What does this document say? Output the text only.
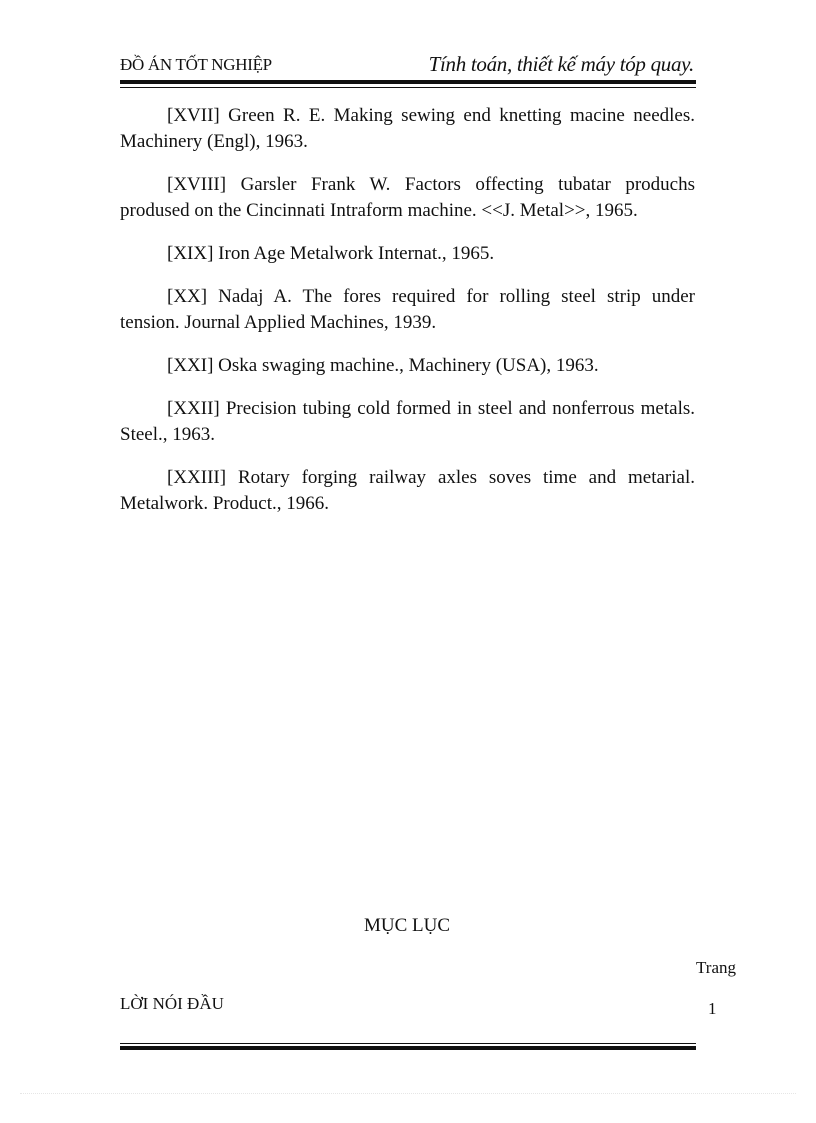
ĐỒ ÁN TỐT NGHIỆP	Tính toán, thiết kế máy tóp quay.

[XVII] Green R. E. Making sewing end knetting macine needles. Machinery (Engl), 1963.

[XVIII] Garsler Frank W. Factors offecting tubatar produchs prodused on the Cincinnati Intraform machine. <<J. Metal>>, 1965.

[XIX] Iron Age Metalwork Internat., 1965.

[XX] Nadaj A. The fores required for rolling steel strip under tension. Journal Applied Machines, 1939.

[XXI] Oska swaging machine., Machinery (USA), 1963.

[XXII] Precision tubing cold formed in steel and nonferrous metals. Steel., 1963.

[XXIII] Rotary forging railway axles soves time and metarial. Metalwork. Product., 1966.

MỤC LỤC
Trang
LỜI NÓI ĐẦU	1
